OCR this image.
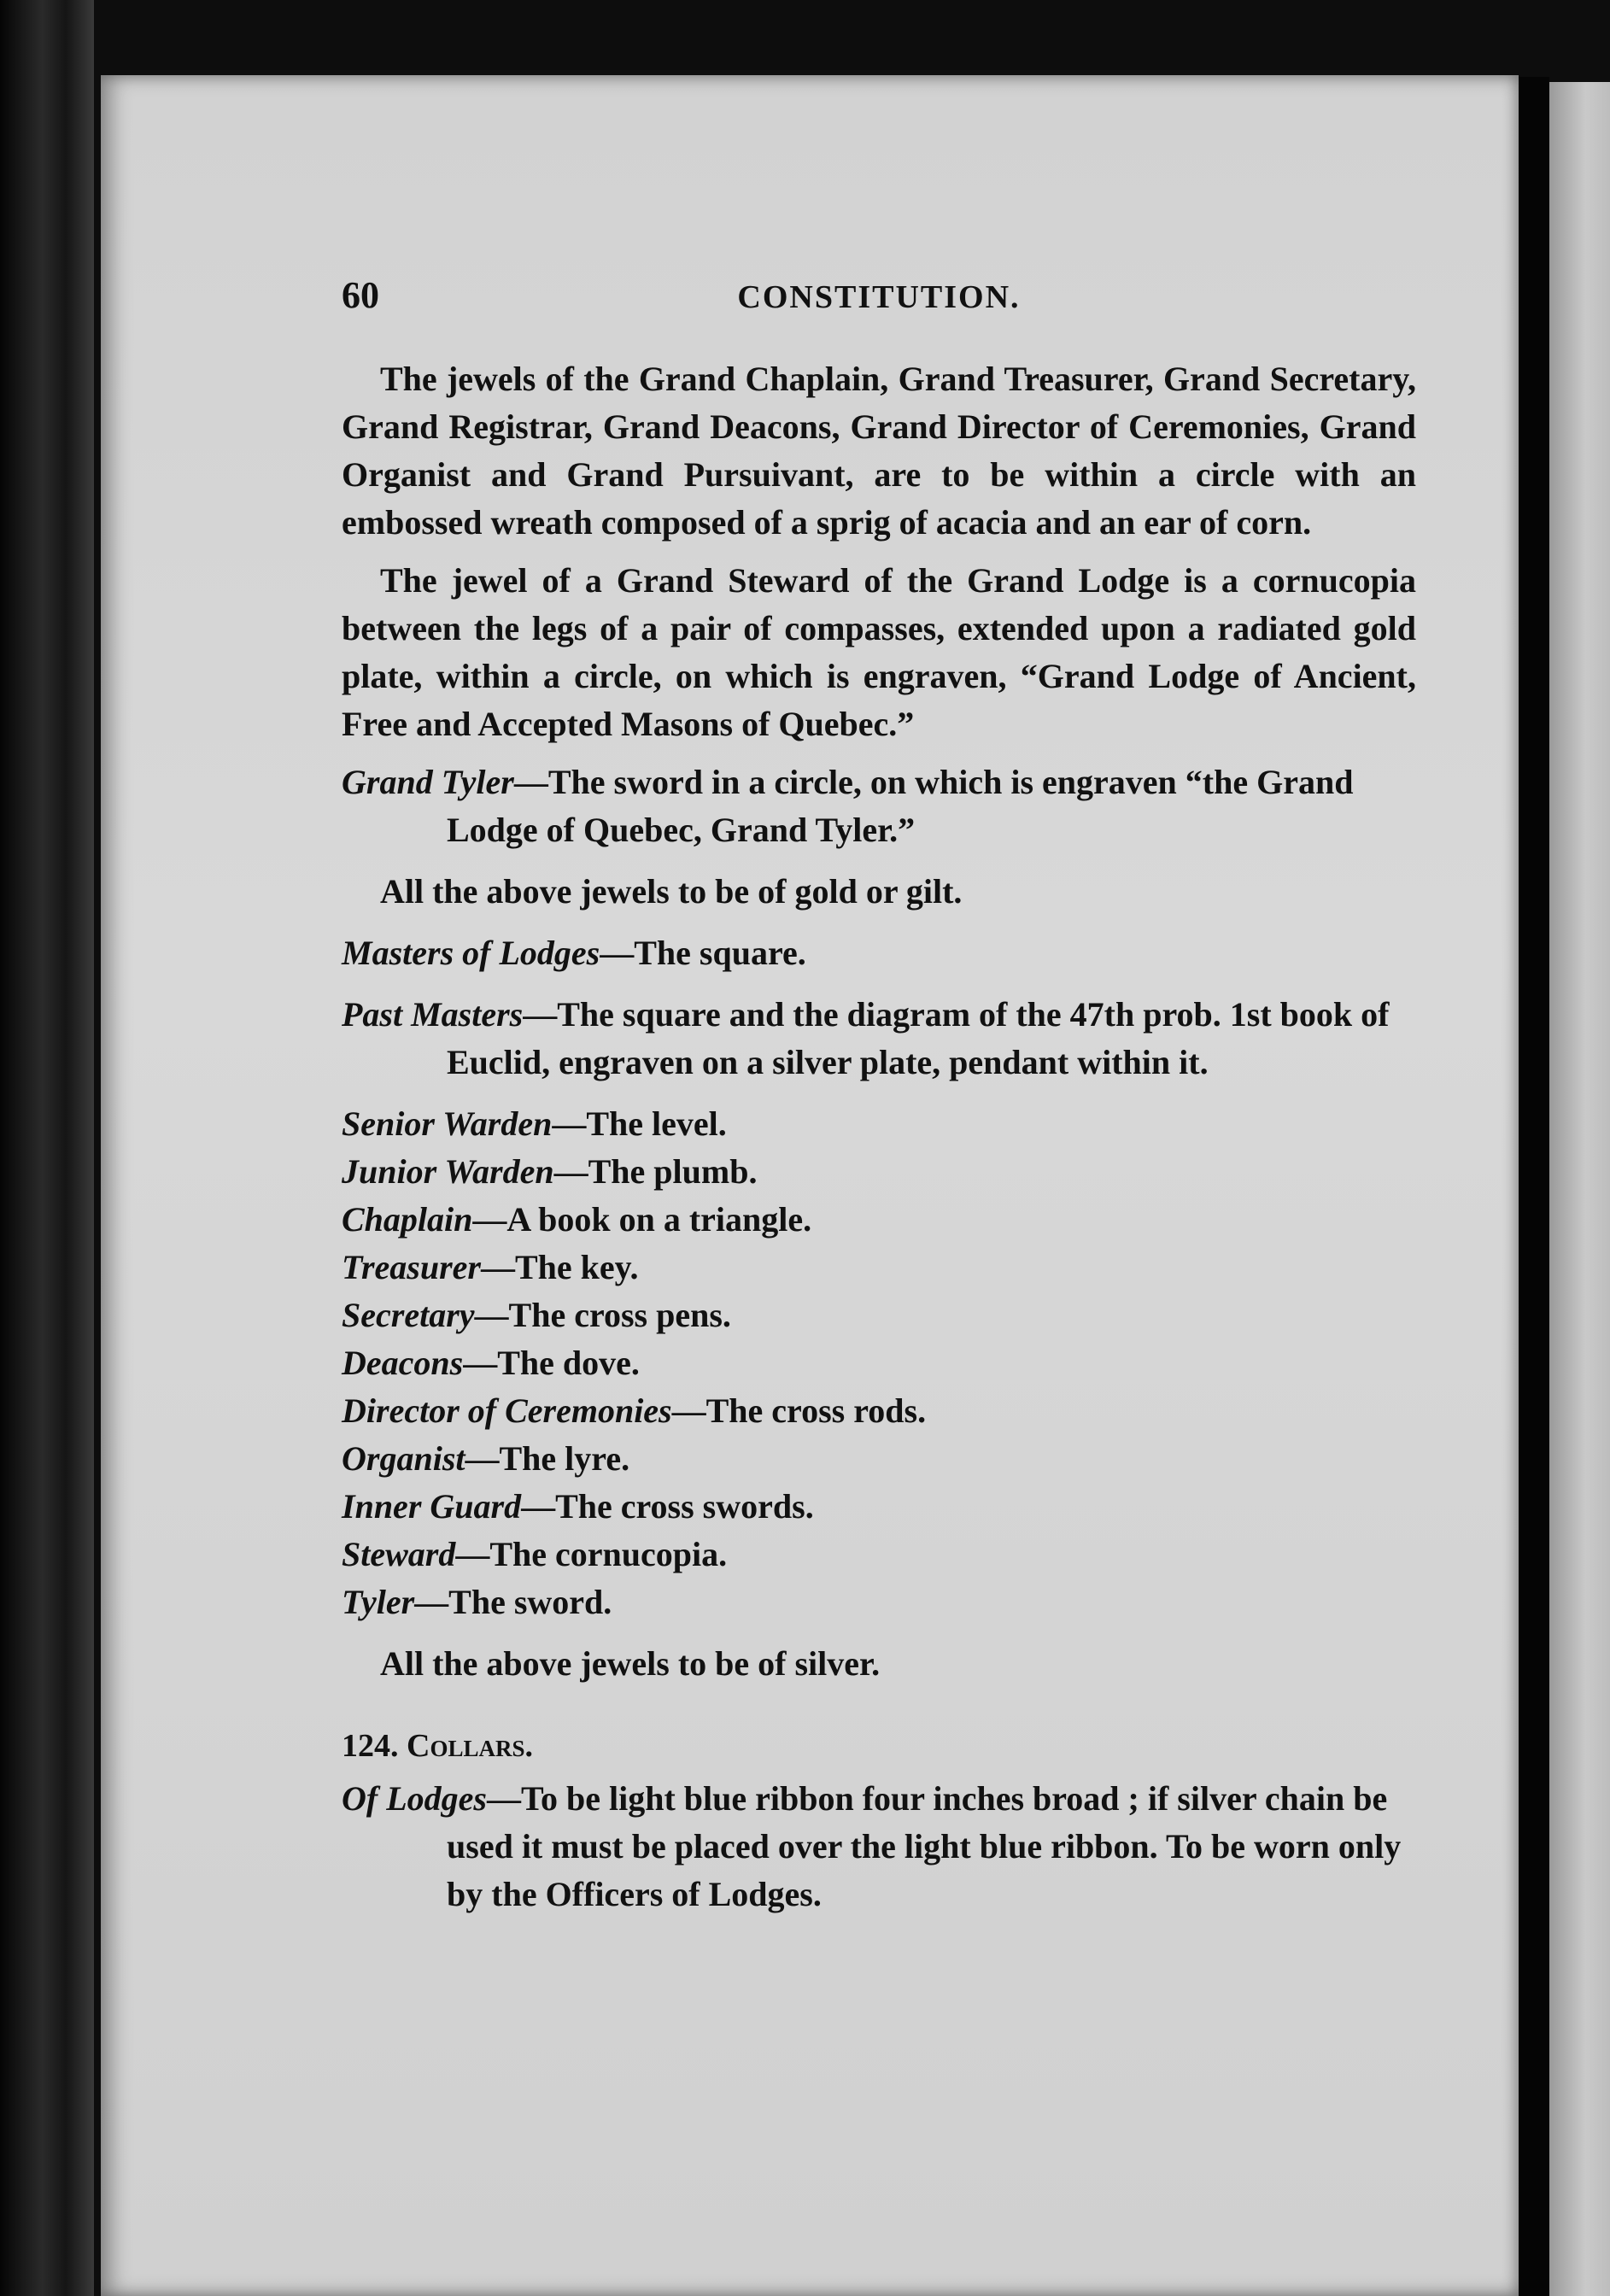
60	CONSTITUTION.

The jewels of the Grand Chaplain, Grand Treasurer, Grand Secretary, Grand Registrar, Grand Deacons, Grand Director of Ceremonies, Grand Organist and Grand Pursuivant, are to be within a circle with an embossed wreath composed of a sprig of acacia and an ear of corn.

The jewel of a Grand Steward of the Grand Lodge is a cornucopia between the legs of a pair of compasses, extended upon a radiated gold plate, within a circle, on which is engraven, “Grand Lodge of Ancient, Free and Accepted Masons of Quebec.”

Grand Tyler—The sword in a circle, on which is engraven “the Grand Lodge of Quebec, Grand Tyler.”

All the above jewels to be of gold or gilt.

Masters of Lodges—The square.

Past Masters—The square and the diagram of the 47th prob. 1st book of Euclid, engraven on a silver plate, pendant within it.

Senior Warden—The level.

Junior Warden—The plumb.

Chaplain—A book on a triangle.

Treasurer—The key.

Secretary—The cross pens.

Deacons—The dove.

Director of Ceremonies—The cross rods.

Organist—The lyre.

Inner Guard—The cross swords.

Steward—The cornucopia.

Tyler—The sword.

All the above jewels to be of silver.

124. Collars.

Of Lodges—To be light blue ribbon four inches broad ; if silver chain be used it must be placed over the light blue ribbon. To be worn only by the Officers of Lodges.
